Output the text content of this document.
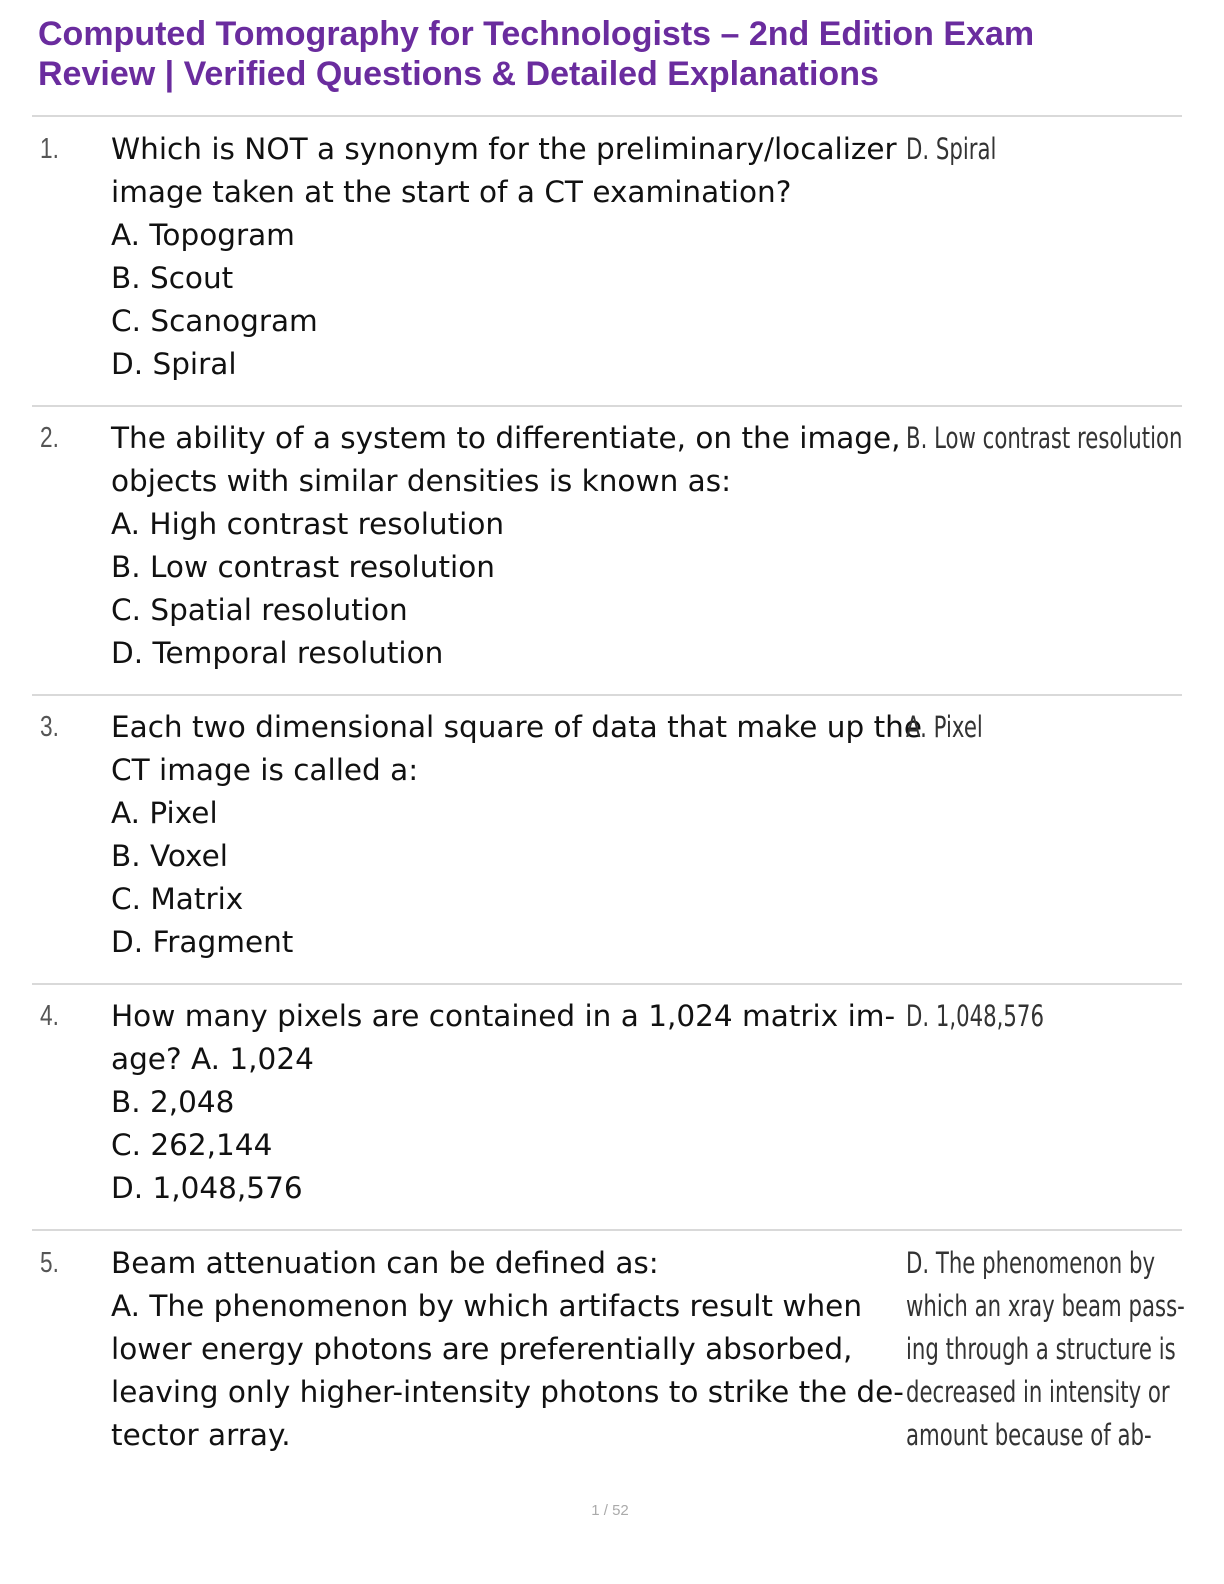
Computed Tomography for Technologists – 2nd Edition Exam
Review | Verified Questions & Detailed Explanations
1. Which is NOT a synonym for the preliminary/localizer
image taken at the start of a CT examination?
A. Topogram
B. Scout
C. Scanogram
D. Spiral
D. Spiral
2. The ability of a system to differentiate, on the image,
objects with similar densities is known as:
A. High contrast resolution
B. Low contrast resolution
C. Spatial resolution
D. Temporal resolution
B. Low contrast resolution
3. Each two dimensional square of data that make up the
CT image is called a:
A. Pixel
B. Voxel
C. Matrix
D. Fragment
A. Pixel
4. How many pixels are contained in a 1,024 matrix im-
age? A. 1,024
B. 2,048
C. 262,144
D. 1,048,576
D. 1,048,576
5. Beam attenuation can be defined as:
A. The phenomenon by which artifacts result when
lower energy photons are preferentially absorbed,
leaving only higher-intensity photons to strike the de-
tector array.
D. The phenomenon by
which an xray beam pass-
ing through a structure is
decreased in intensity or
amount because of ab-
1 / 52
